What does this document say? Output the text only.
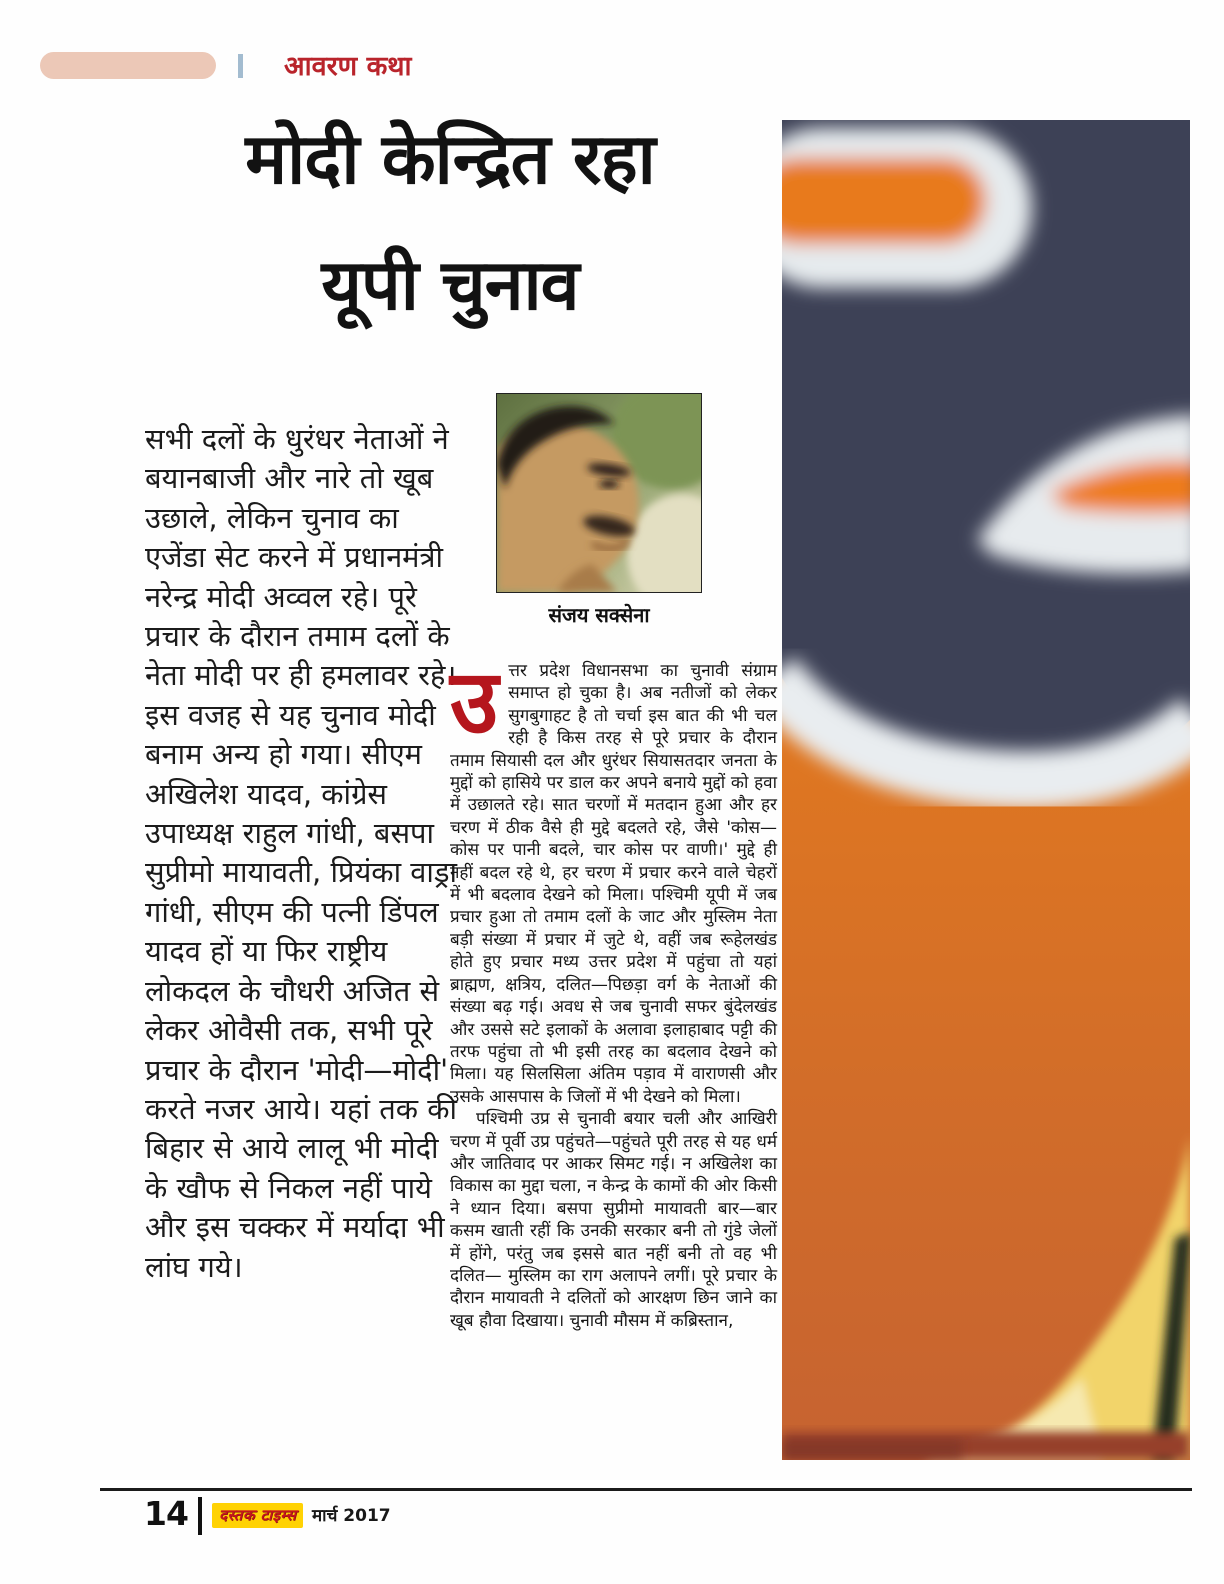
आवरण कथा
मोदी केन्द्रित रहा
यूपी चुनाव
सभी दलों के धुरंधर नेताओं ने बयानबाजी और नारे तो खूब उछाले, लेकिन चुनाव का एजेंडा सेट करने में प्रधानमंत्री नरेन्द्र मोदी अव्वल रहे। पूरे प्रचार के दौरान तमाम दलों के नेता मोदी पर ही हमलावर रहे। इस वजह से यह चुनाव मोदी बनाम अन्य हो गया। सीएम अखिलेश यादव, कांग्रेस उपाध्यक्ष राहुल गांधी, बसपा सुप्रीमो मायावती, प्रियंका वाड्रा गांधी, सीएम की पत्नी डिंपल यादव हों या फिर राष्ट्रीय लोकदल के चौधरी अजित से लेकर ओवैसी तक, सभी पूरे प्रचार के दौरान 'मोदी—मोदी' करते नजर आये। यहां तक की बिहार से आये लालू भी मोदी के खौफ से निकल नहीं पाये और इस चक्कर में मर्यादा भी लांघ गये।
संजय सक्सेना

उत्तर प्रदेश विधानसभा का चुनावी संग्राम समाप्त हो चुका है। अब नतीजों को लेकर सुगबुगाहट है तो चर्चा इस बात की भी चल रही है किस तरह से पूरे प्रचार के दौरान तमाम सियासी दल और धुरंधर सियासतदार जनता के मुद्दों को हासिये पर डाल कर अपने बनाये मुद्दों को हवा में उछालते रहे। सात चरणों में मतदान हुआ और हर चरण में ठीक वैसे ही मुद्दे बदलते रहे, जैसे 'कोस—कोस पर पानी बदले, चार कोस पर वाणी।' मुद्दे ही नहीं बदल रहे थे, हर चरण में प्रचार करने वाले चेहरों में भी बदलाव देखने को मिला। पश्चिमी यूपी में जब प्रचार हुआ तो तमाम दलों के जाट और मुस्लिम नेता बड़ी संख्या में प्रचार में जुटे थे, वहीं जब रूहेलखंड होते हुए प्रचार मध्य उत्तर प्रदेश में पहुंचा तो यहां ब्राह्मण, क्षत्रिय, दलित—पिछड़ा वर्ग के नेताओं की संख्या बढ़ गई। अवध से जब चुनावी सफर बुंदेलखंड और उससे सटे इलाकों के अलावा इलाहाबाद पट्टी की तरफ पहुंचा तो भी इसी तरह का बदलाव देखने को मिला। यह सिलसिला अंतिम पड़ाव में वाराणसी और उसके आसपास के जिलों में भी देखने को मिला।

पश्चिमी उप्र से चुनावी बयार चली और आखिरी चरण में पूर्वी उप्र पहुंचते—पहुंचते पूरी तरह से यह धर्म और जातिवाद पर आकर सिमट गई। न अखिलेश का विकास का मुद्दा चला, न केन्द्र के कामों की ओर किसी ने ध्यान दिया। बसपा सुप्रीमो मायावती बार—बार कसम खाती रहीं कि उनकी सरकार बनी तो गुंडे जेलों में होंगे, परंतु जब इससे बात नहीं बनी तो वह भी दलित— मुस्लिम का राग अलापने लगीं। पूरे प्रचार के दौरान मायावती ने दलितों को आरक्षण छिन जाने का खूब हौवा दिखाया। चुनावी मौसम में कब्रिस्तान,

14	दस्तक टाइम्स मार्च 2017
